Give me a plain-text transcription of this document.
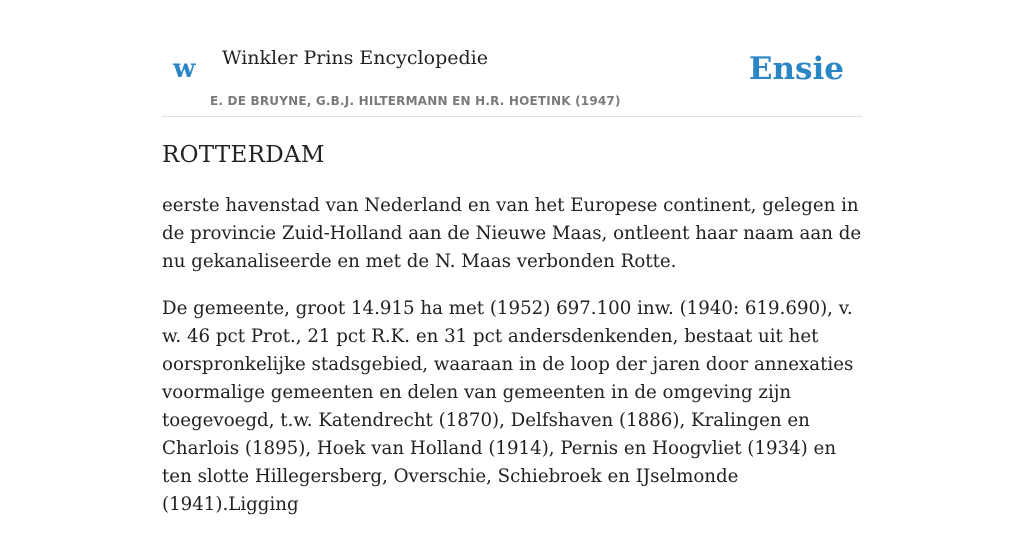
w Winkler Prins Encyclopedie
E. DE BRUYNE, G.B.J. HILTERMANN EN H.R. HOETINK (1947)
Ensie
ROTTERDAM

eerste havenstad van Nederland en van het Europese continent, gelegen in de provincie Zuid-Holland aan de Nieuwe Maas, ontleent haar naam aan de nu gekanaliseerde en met de N. Maas verbonden Rotte.

De gemeente, groot 14.915 ha met (1952) 697.100 inw. (1940: 619.690), v. w. 46 pct Prot., 21 pct R.K. en 31 pct andersdenkenden, bestaat uit het oorspronkelijke stadsgebied, waaraan in de loop der jaren door annexaties voormalige gemeenten en delen van gemeenten in de omgeving zijn toegevoegd, t.w. Katendrecht (1870), Delfshaven (1886), Kralingen en Charlois (1895), Hoek van Holland (1914), Pernis en Hoogvliet (1934) en ten slotte Hillegersberg, Overschie, Schiebroek en IJselmonde (1941).Ligging
